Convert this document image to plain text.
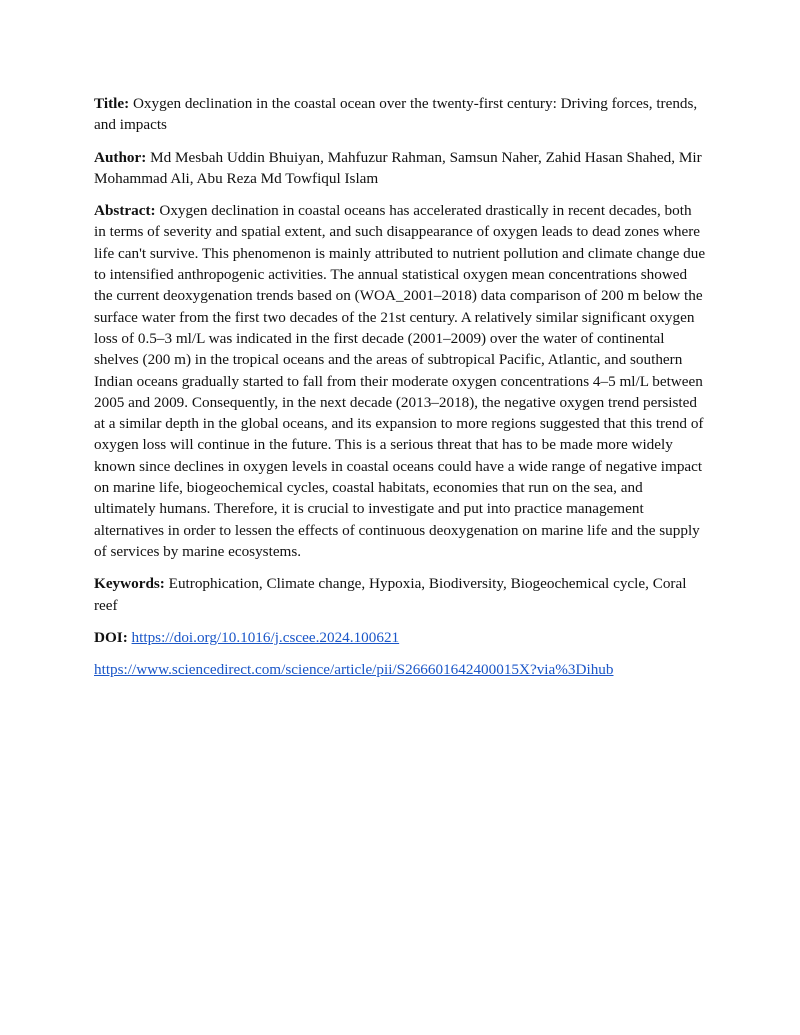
Title: Oxygen declination in the coastal ocean over the twenty-first century: Driving forces, trends, and impacts

Author: Md Mesbah Uddin Bhuiyan, Mahfuzur Rahman, Samsun Naher, Zahid Hasan Shahed, Mir Mohammad Ali, Abu Reza Md Towfiqul Islam

Abstract: Oxygen declination in coastal oceans has accelerated drastically in recent decades, both in terms of severity and spatial extent, and such disappearance of oxygen leads to dead zones where life can't survive. This phenomenon is mainly attributed to nutrient pollution and climate change due to intensified anthropogenic activities. The annual statistical oxygen mean concentrations showed the current deoxygenation trends based on (WOA_2001–2018) data comparison of 200 m below the surface water from the first two decades of the 21st century. A relatively similar significant oxygen loss of 0.5–3 ml/L was indicated in the first decade (2001–2009) over the water of continental shelves (200 m) in the tropical oceans and the areas of subtropical Pacific, Atlantic, and southern Indian oceans gradually started to fall from their moderate oxygen concentrations 4–5 ml/L between 2005 and 2009. Consequently, in the next decade (2013–2018), the negative oxygen trend persisted at a similar depth in the global oceans, and its expansion to more regions suggested that this trend of oxygen loss will continue in the future. This is a serious threat that has to be made more widely known since declines in oxygen levels in coastal oceans could have a wide range of negative impact on marine life, biogeochemical cycles, coastal habitats, economies that run on the sea, and ultimately humans. Therefore, it is crucial to investigate and put into practice management alternatives in order to lessen the effects of continuous deoxygenation on marine life and the supply of services by marine ecosystems.

Keywords: Eutrophication, Climate change, Hypoxia, Biodiversity, Biogeochemical cycle, Coral reef

DOI: https://doi.org/10.1016/j.cscee.2024.100621

https://www.sciencedirect.com/science/article/pii/S266601642400015X?via%3Dihub
